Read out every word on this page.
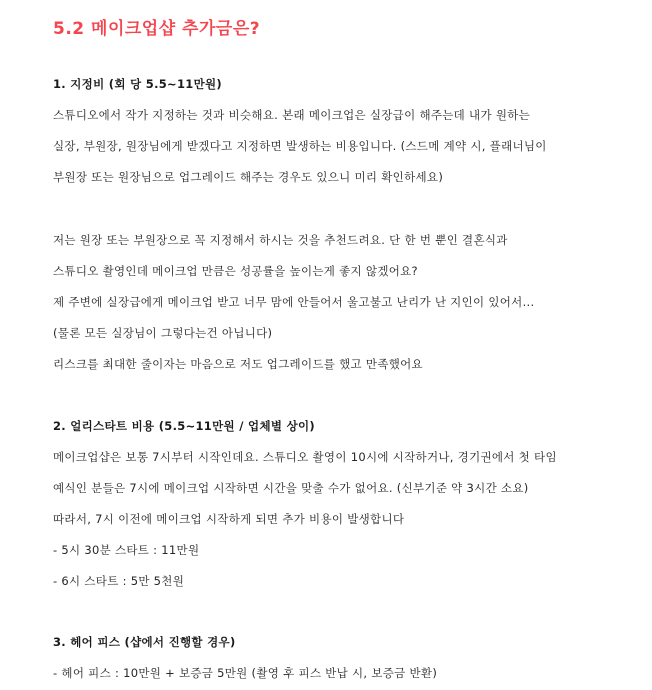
5.2 메이크업샵 추가금은?
1. 지정비 (회 당 5.5~11만원)
스튜디오에서 작가 지정하는 것과 비슷해요. 본래 메이크업은 실장급이 해주는데 내가 원하는
실장, 부원장, 원장님에게 받겠다고 지정하면 발생하는 비용입니다. (스드메 계약 시, 플래너님이
부원장 또는 원장님으로 업그레이드 해주는 경우도 있으니 미리 확인하세요)
저는 원장 또는 부원장으로 꼭 지정해서 하시는 것을 추천드려요. 단 한 번 뿐인 결혼식과
스튜디오 촬영인데 메이크업 만큼은 성공률을 높이는게 좋지 않겠어요?
제 주변에 실장급에게 메이크업 받고 너무 맘에 안들어서 울고불고 난리가 난 지인이 있어서...
(물론 모든 실장님이 그렇다는건 아닙니다)
리스크를 최대한 줄이자는 마음으로 저도 업그레이드를 했고 만족했어요
2. 얼리스타트 비용 (5.5~11만원 / 업체별 상이)
메이크업샵은 보통 7시부터 시작인데요. 스튜디오 촬영이 10시에 시작하거나, 경기권에서 첫 타임
예식인 분들은 7시에 메이크업 시작하면 시간을 맞출 수가 없어요. (신부기준 약 3시간 소요)
따라서, 7시 이전에 메이크업 시작하게 되면 추가 비용이 발생합니다
- 5시 30분 스타트 : 11만원
- 6시 스타트 : 5만 5천원
3. 헤어 피스 (샵에서 진행할 경우)
- 헤어 피스 : 10만원 + 보증금 5만원 (촬영 후 피스 반납 시, 보증금 반환)
